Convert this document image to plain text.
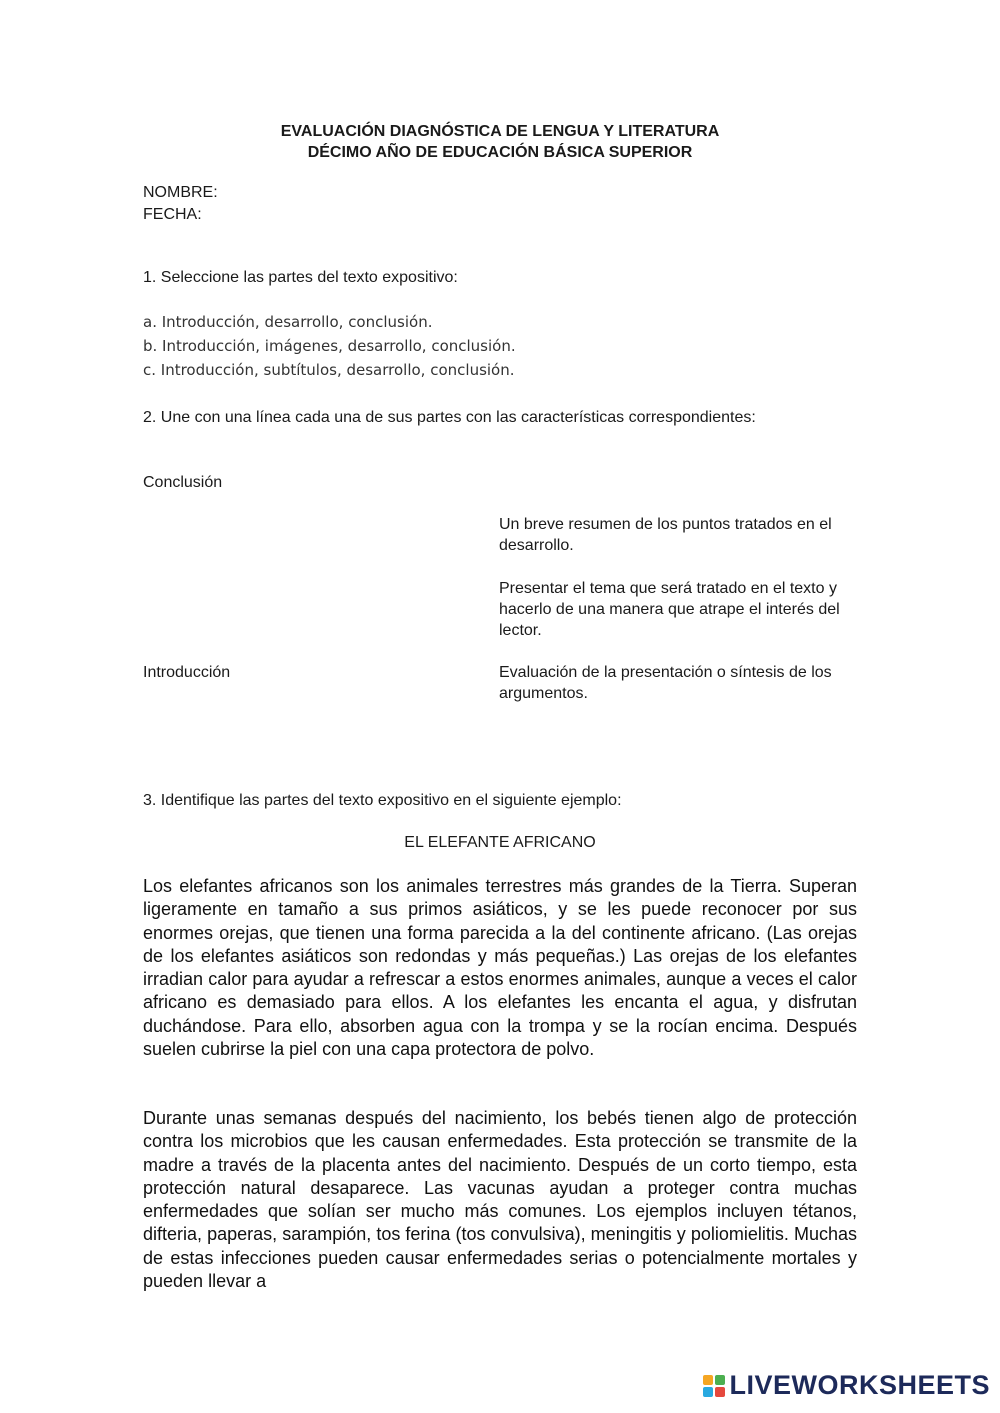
EVALUACIÓN DIAGNÓSTICA DE LENGUA Y LITERATURA
DÉCIMO AÑO DE EDUCACIÓN BÁSICA SUPERIOR
NOMBRE:
FECHA:
1. Seleccione las partes del texto expositivo:
a. Introducción, desarrollo, conclusión.
b. Introducción, imágenes, desarrollo, conclusión.
c. Introducción, subtítulos, desarrollo, conclusión.
2. Une con una línea cada una de sus partes con las características correspondientes:
Conclusión
Introducción
Un breve resumen de los puntos tratados en el desarrollo.
Presentar el tema que será tratado en el texto y hacerlo de una manera que atrape el interés del lector.
Evaluación de la presentación o síntesis de los argumentos.
3. Identifique las partes del texto expositivo en el siguiente ejemplo:
EL ELEFANTE AFRICANO
Los elefantes africanos son los animales terrestres más grandes de la Tierra. Superan ligeramente en tamaño a sus primos asiáticos, y se les puede reconocer por sus enormes orejas, que tienen una forma parecida a la del continente africano. (Las orejas de los elefantes asiáticos son redondas y más pequeñas.) Las orejas de los elefantes irradian calor para ayudar a refrescar a estos enormes animales, aunque a veces el calor africano es demasiado para ellos. A los elefantes les encanta el agua, y disfrutan duchándose. Para ello, absorben agua con la trompa y se la rocían encima. Después suelen cubrirse la piel con una capa protectora de polvo.
Durante unas semanas después del nacimiento, los bebés tienen algo de protección contra los microbios que les causan enfermedades. Esta protección se transmite de la madre a través de la placenta antes del nacimiento. Después de un corto tiempo, esta protección natural desaparece. Las vacunas ayudan a proteger contra muchas enfermedades que solían ser mucho más comunes. Los ejemplos incluyen tétanos, difteria, paperas, sarampión, tos ferina (tos convulsiva), meningitis y poliomielitis. Muchas de estas infecciones pueden causar enfermedades serias o potencialmente mortales y pueden llevar a
LIVEWORKSHEETS
